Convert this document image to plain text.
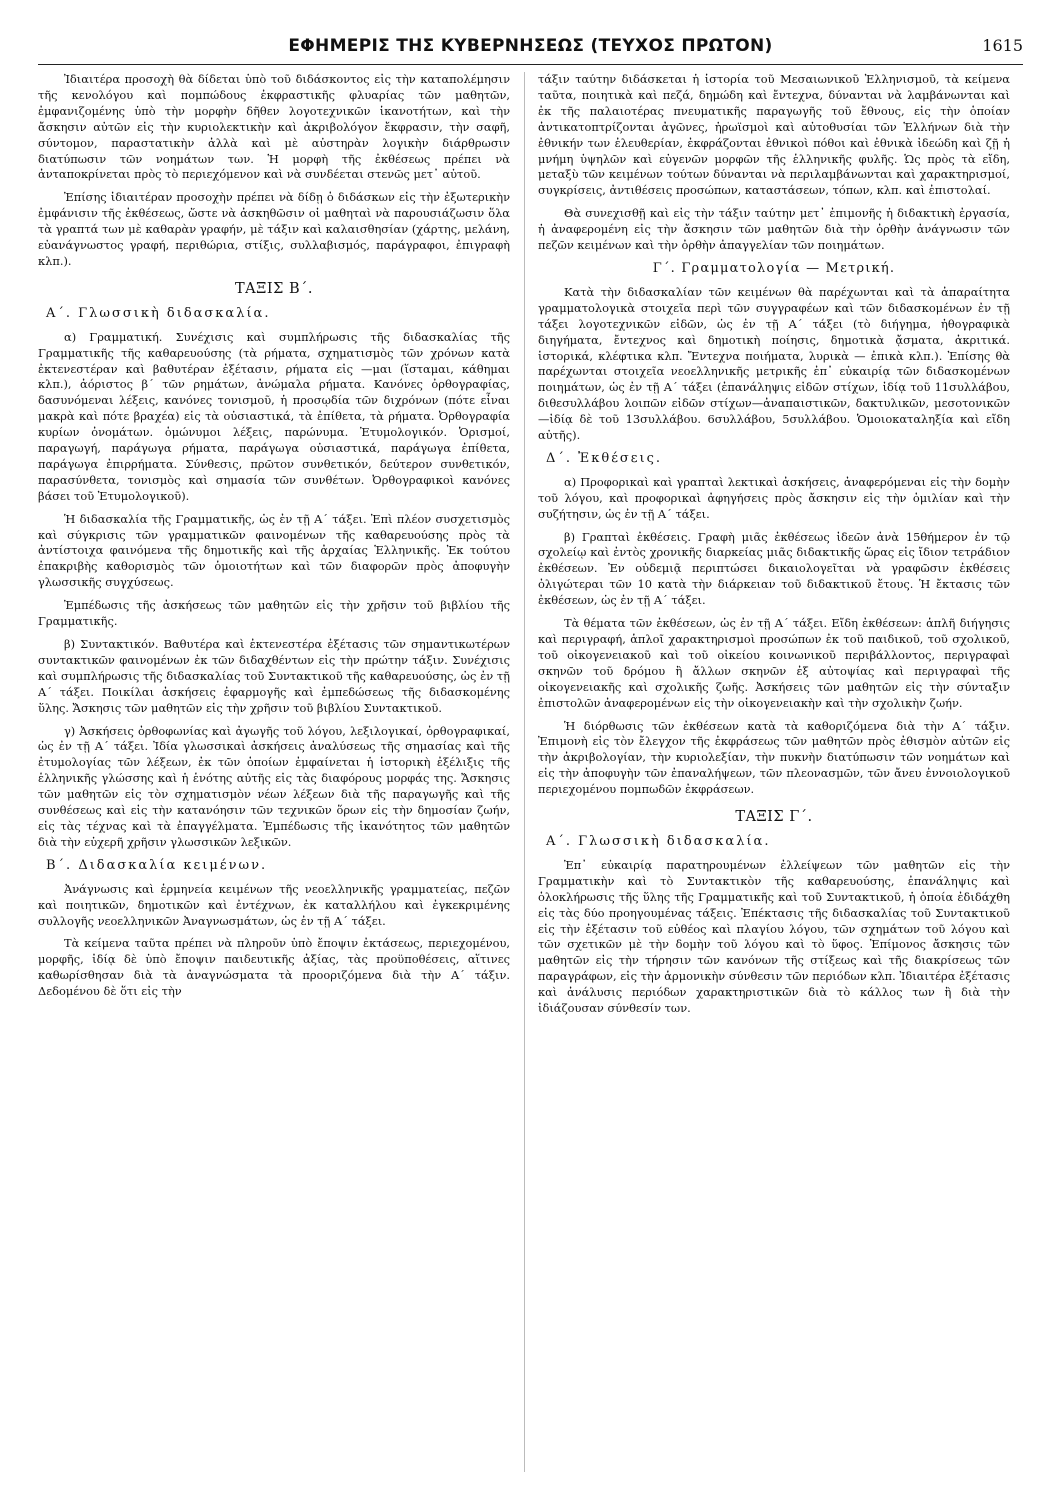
ΕΦΗΜΕΡΙΣ ΤΗΣ ΚΥΒΕΡΝΗΣΕΩΣ (ΤΕΥΧΟΣ ΠΡΩΤΟΝ)	1615

Ἰδιαιτέρα προσοχὴ θὰ δίδεται ὑπὸ τοῦ διδάσκοντος εἰς τὴν καταπολέμησιν τῆς κενολόγου καὶ πομπώδους ἐκφραστικῆς φλυαρίας τῶν μαθητῶν, ἐμφανιζομένης ὑπὸ τὴν μορφὴν δῆθεν λογοτεχνικῶν ἱκανοτήτων, καὶ τὴν ἄσκησιν αὐτῶν εἰς τὴν κυριολεκτικὴν καὶ ἀκριβολόγον ἔκφρασιν, τὴν σαφῆ, σύντομον, παραστατικὴν ἀλλὰ καὶ μὲ αὐστηρὰν λογικὴν διάρθρωσιν διατύπωσιν τῶν νοημάτων των. Ἡ μορφὴ τῆς ἐκθέσεως πρέπει νὰ ἀνταποκρίνεται πρὸς τὸ περιεχόμενον καὶ νὰ συνδέεται στενῶς μετ᾽ αὐτοῦ.

Ἐπίσης ἰδιαιτέραν προσοχὴν πρέπει νὰ δίδῃ ὁ διδάσκων εἰς τὴν ἐξωτερικὴν ἐμφάνισιν τῆς ἐκθέσεως, ὥστε νὰ ἀσκηθῶσιν οἱ μαθηταὶ νὰ παρουσιάζωσιν ὅλα τὰ γραπτά των μὲ καθαρὰν γραφήν, μὲ τάξιν καὶ καλαισθησίαν (χάρτης, μελάνη, εὐανάγνωστος γραφή, περιθώρια, στίξις, συλλαβισμός, παράγραφοι, ἐπιγραφὴ κλπ.).

ΤΑΞΙΣ Β΄.
Α΄. Γλωσσικὴ διδασκαλία.

α) Γραμματική. Συνέχισις καὶ συμπλήρωσις τῆς διδασκαλίας τῆς Γραμματικῆς τῆς καθαρευούσης (τὰ ρήματα, σχηματισμὸς τῶν χρόνων κατὰ ἐκτενεστέραν καὶ βαθυτέραν ἐξέτασιν, ρήματα εἰς —μαι (ἵσταμαι, κάθημαι κλπ.), ἀόριστος β΄ τῶν ρημάτων, ἀνώμαλα ρήματα. Κανόνες ὀρθογραφίας, δασυνόμεναι λέξεις, κανόνες τονισμοῦ, ἡ προσῳδία τῶν διχρόνων (πότε εἶναι μακρὰ καὶ πότε βραχέα) εἰς τὰ οὐσιαστικά, τὰ ἐπίθετα, τὰ ρήματα. Ὀρθογραφία κυρίων ὀνομάτων. ὁμώνυμοι λέξεις, παρώνυμα. Ἐτυμολογικόν. Ὁρισμοί, παραγωγή, παράγωγα ρήματα, παράγωγα οὐσιαστικά, παράγωγα ἐπίθετα, παράγωγα ἐπιρρήματα. Σύνθεσις, πρῶτον συνθετικόν, δεύτερον συνθετικόν, παρασύνθετα, τονισμὸς καὶ σημασία τῶν συνθέτων. Ὀρθογραφικοὶ κανόνες βάσει τοῦ Ἐτυμολογικοῦ).

Ἡ διδασκαλία τῆς Γραμματικῆς, ὡς ἐν τῇ Α΄ τάξει. Ἐπὶ πλέον συσχετισμὸς καὶ σύγκρισις τῶν γραμματικῶν φαινομένων τῆς καθαρευούσης πρὸς τὰ ἀντίστοιχα φαινόμενα τῆς δημοτικῆς καὶ τῆς ἀρχαίας Ἑλληνικῆς. Ἐκ τούτου ἐπακριβὴς καθορισμὸς τῶν ὁμοιοτήτων καὶ τῶν διαφορῶν πρὸς ἀποφυγὴν γλωσσικῆς συγχύσεως.

Ἐμπέδωσις τῆς ἀσκήσεως τῶν μαθητῶν εἰς τὴν χρῆσιν τοῦ βιβλίου τῆς Γραμματικῆς.

β) Συντακτικόν. Βαθυτέρα καὶ ἐκτενεστέρα ἐξέτασις τῶν σημαντικωτέρων συντακτικῶν φαινομένων ἐκ τῶν διδαχθέντων εἰς τὴν πρώτην τάξιν. Συνέχισις καὶ συμπλήρωσις τῆς διδασκαλίας τοῦ Συντακτικοῦ τῆς καθαρευούσης, ὡς ἐν τῇ Α΄ τάξει. Ποικίλαι ἀσκήσεις ἐφαρμογῆς καὶ ἐμπεδώσεως τῆς διδασκομένης ὕλης. Ἄσκησις τῶν μαθητῶν εἰς τὴν χρῆσιν τοῦ βιβλίου Συντακτικοῦ.

γ) Ἀσκήσεις ὀρθοφωνίας καὶ ἀγωγῆς τοῦ λόγου, λεξιλογικαί, ὀρθογραφικαί, ὡς ἐν τῇ Α΄ τάξει. Ἰδία γλωσσικαὶ ἀσκήσεις ἀναλύσεως τῆς σημασίας καὶ τῆς ἐτυμολογίας τῶν λέξεων, ἐκ τῶν ὁποίων ἐμφαίνεται ἡ ἱστορικὴ ἐξέλιξις τῆς ἑλληνικῆς γλώσσης καὶ ἡ ἑνότης αὐτῆς εἰς τὰς διαφόρους μορφάς της. Ἄσκησις τῶν μαθητῶν εἰς τὸν σχηματισμὸν νέων λέξεων διὰ τῆς παραγωγῆς καὶ τῆς συνθέσεως καὶ εἰς τὴν κατανόησιν τῶν τεχνικῶν ὅρων εἰς τὴν δημοσίαν ζωήν, εἰς τὰς τέχνας καὶ τὰ ἐπαγγέλματα. Ἐμπέδωσις τῆς ἱκανότητος τῶν μαθητῶν διὰ τὴν εὐχερῆ χρῆσιν γλωσσικῶν λεξικῶν.

Β΄. Διδασκαλία κειμένων.

Ἀνάγνωσις καὶ ἑρμηνεία κειμένων τῆς νεοελληνικῆς γραμματείας, πεζῶν καὶ ποιητικῶν, δημοτικῶν καὶ ἐντέχνων, ἐκ καταλλήλου καὶ ἐγκεκριμένης συλλογῆς νεοελληνικῶν Ἀναγνωσμάτων, ὡς ἐν τῇ Α΄ τάξει.

Τὰ κείμενα ταῦτα πρέπει νὰ πληροῦν ὑπὸ ἔποψιν ἐκτάσεως, περιεχομένου, μορφῆς, ἰδίᾳ δὲ ὑπὸ ἔποψιν παιδευτικῆς ἀξίας, τὰς προϋποθέσεις, αἵτινες καθωρίσθησαν διὰ τὰ ἀναγνώσματα τὰ προοριζόμενα διὰ τὴν Α΄ τάξιν. Δεδομένου δὲ ὅτι εἰς τὴν

τάξιν ταύτην διδάσκεται ἡ ἱστορία τοῦ Μεσαιωνικοῦ Ἑλληνισμοῦ, τὰ κείμενα ταῦτα, ποιητικὰ καὶ πεζά, δημώδη καὶ ἔντεχνα, δύνανται νὰ λαμβάνωνται καὶ ἐκ τῆς παλαιοτέρας πνευματικῆς παραγωγῆς τοῦ ἔθνους, εἰς τὴν ὁποίαν ἀντικατοπτρίζονται ἀγῶνες, ἡρωϊσμοὶ καὶ αὐτοθυσίαι τῶν Ἑλλήνων διὰ τὴν ἐθνικήν των ἐλευθερίαν, ἐκφράζονται ἐθνικοὶ πόθοι καὶ ἐθνικὰ ἰδεώδη καὶ ζῇ ἡ μνήμη ὑψηλῶν καὶ εὐγενῶν μορφῶν τῆς ἑλληνικῆς φυλῆς. Ὡς πρὸς τὰ εἴδη, μεταξὺ τῶν κειμένων τούτων δύνανται νὰ περιλαμβάνωνται καὶ χαρακτηρισμοί, συγκρίσεις, ἀντιθέσεις προσώπων, καταστάσεων, τόπων, κλπ. καὶ ἐπιστολαί.

Θὰ συνεχισθῇ καὶ εἰς τὴν τάξιν ταύτην μετ᾽ ἐπιμονῆς ἡ διδακτικὴ ἐργασία, ἡ ἀναφερομένη εἰς τὴν ἄσκησιν τῶν μαθητῶν διὰ τὴν ὀρθὴν ἀνάγνωσιν τῶν πεζῶν κειμένων καὶ τὴν ὀρθὴν ἀπαγγελίαν τῶν ποιημάτων.

Γ΄. Γραμματολογία — Μετρική.

Κατὰ τὴν διδασκαλίαν τῶν κειμένων θὰ παρέχωνται καὶ τὰ ἀπαραίτητα γραμματολογικὰ στοιχεῖα περὶ τῶν συγγραφέων καὶ τῶν διδασκομένων ἐν τῇ τάξει λογοτεχνικῶν εἰδῶν, ὡς ἐν τῇ Α΄ τάξει (τὸ διήγημα, ἠθογραφικὰ διηγήματα, ἔντεχνος καὶ δημοτικὴ ποίησις, δημοτικὰ ᾄσματα, ἀκριτικά. ἱστορικά, κλέφτικα κλπ. Ἔντεχνα ποιήματα, λυρικὰ — ἐπικὰ κλπ.). Ἐπίσης θὰ παρέχωνται στοιχεῖα νεοελληνικῆς μετρικῆς ἐπ᾽ εὐκαιρίᾳ τῶν διδασκομένων ποιημάτων, ὡς ἐν τῇ Α΄ τάξει (ἐπανάληψις εἰδῶν στίχων, ἰδίᾳ τοῦ 11συλλάβου, διθεσυλλάβου λοιπῶν εἰδῶν στίχων—ἀναπαιστικῶν, δακτυλικῶν, μεσοτονικῶν—ἰδίᾳ δὲ τοῦ 13συλλάβου. 6συλλάβου, 5συλλάβου. Ὁμοιοκαταληξία καὶ εἴδη αὐτῆς).

Δ΄. Ἐκθέσεις.

α) Προφορικαὶ καὶ γραπταὶ λεκτικαὶ ἀσκήσεις, ἀναφερόμεναι εἰς τὴν δομὴν τοῦ λόγου, καὶ προφορικαὶ ἀφηγήσεις πρὸς ἄσκησιν εἰς τὴν ὁμιλίαν καὶ τὴν συζήτησιν, ὡς ἐν τῇ Α΄ τάξει.

β) Γραπταὶ ἐκθέσεις. Γραφὴ μιᾶς ἐκθέσεως ἰδεῶν ἀνὰ 15θήμερον ἐν τῷ σχολείῳ καὶ ἐντὸς χρονικῆς διαρκείας μιᾶς διδακτικῆς ὥρας εἰς ἴδιον τετράδιον ἐκθέσεων. Ἐν οὐδεμιᾷ περιπτώσει δικαιολογεῖται νὰ γραφῶσιν ἐκθέσεις ὀλιγώτεραι τῶν 10 κατὰ τὴν διάρκειαν τοῦ διδακτικοῦ ἔτους. Ἡ ἔκτασις τῶν ἐκθέσεων, ὡς ἐν τῇ Α΄ τάξει.

Τὰ θέματα τῶν ἐκθέσεων, ὡς ἐν τῇ Α΄ τάξει. Εἴδη ἐκθέσεων: ἁπλῆ διήγησις καὶ περιγραφή, ἁπλοῖ χαρακτηρισμοὶ προσώπων ἐκ τοῦ παιδικοῦ, τοῦ σχολικοῦ, τοῦ οἰκογενειακοῦ καὶ τοῦ οἰκείου κοινωνικοῦ περιβάλλοντος, περιγραφαὶ σκηνῶν τοῦ δρόμου ἢ ἄλλων σκηνῶν ἐξ αὐτοψίας καὶ περιγραφαὶ τῆς οἰκογενειακῆς καὶ σχολικῆς ζωῆς. Ἀσκήσεις τῶν μαθητῶν εἰς τὴν σύνταξιν ἐπιστολῶν ἀναφερομένων εἰς τὴν οἰκογενειακὴν καὶ τὴν σχολικὴν ζωήν.

Ἡ διόρθωσις τῶν ἐκθέσεων κατὰ τὰ καθοριζόμενα διὰ τὴν Α΄ τάξιν. Ἐπιμονὴ εἰς τὸν ἔλεγχον τῆς ἐκφράσεως τῶν μαθητῶν πρὸς ἐθισμὸν αὐτῶν εἰς τὴν ἀκριβολογίαν, τὴν κυριολεξίαν, τὴν πυκνὴν διατύπωσιν τῶν νοημάτων καὶ εἰς τὴν ἀποφυγὴν τῶν ἐπαναλήψεων, τῶν πλεονασμῶν, τῶν ἄνευ ἐννοιολογικοῦ περιεχομένου πομπωδῶν ἐκφράσεων.

ΤΑΞΙΣ Γ΄.
Α΄. Γλωσσικὴ διδασκαλία.

Ἐπ᾽ εὐκαιρίᾳ παρατηρουμένων ἐλλείψεων τῶν μαθητῶν εἰς τὴν Γραμματικὴν καὶ τὸ Συντακτικὸν τῆς καθαρευούσης, ἐπανάληψις καὶ ὁλοκλήρωσις τῆς ὕλης τῆς Γραμματικῆς καὶ τοῦ Συντακτικοῦ, ἡ ὁποία ἐδιδάχθη εἰς τὰς δύο προηγουμένας τάξεις. Ἐπέκτασις τῆς διδασκαλίας τοῦ Συντακτικοῦ εἰς τὴν ἐξέτασιν τοῦ εὐθέος καὶ πλαγίου λόγου, τῶν σχημάτων τοῦ λόγου καὶ τῶν σχετικῶν μὲ τὴν δομὴν τοῦ λόγου καὶ τὸ ὕφος. Ἐπίμονος ἄσκησις τῶν μαθητῶν εἰς τὴν τήρησιν τῶν κανόνων τῆς στίξεως καὶ τῆς διακρίσεως τῶν παραγράφων, εἰς τὴν ἁρμονικὴν σύνθεσιν τῶν περιόδων κλπ. Ἰδιαιτέρα ἐξέτασις καὶ ἀνάλυσις περιόδων χαρακτηριστικῶν διὰ τὸ κάλλος των ἢ διὰ τὴν ἰδιάζουσαν σύνθεσίν των.
